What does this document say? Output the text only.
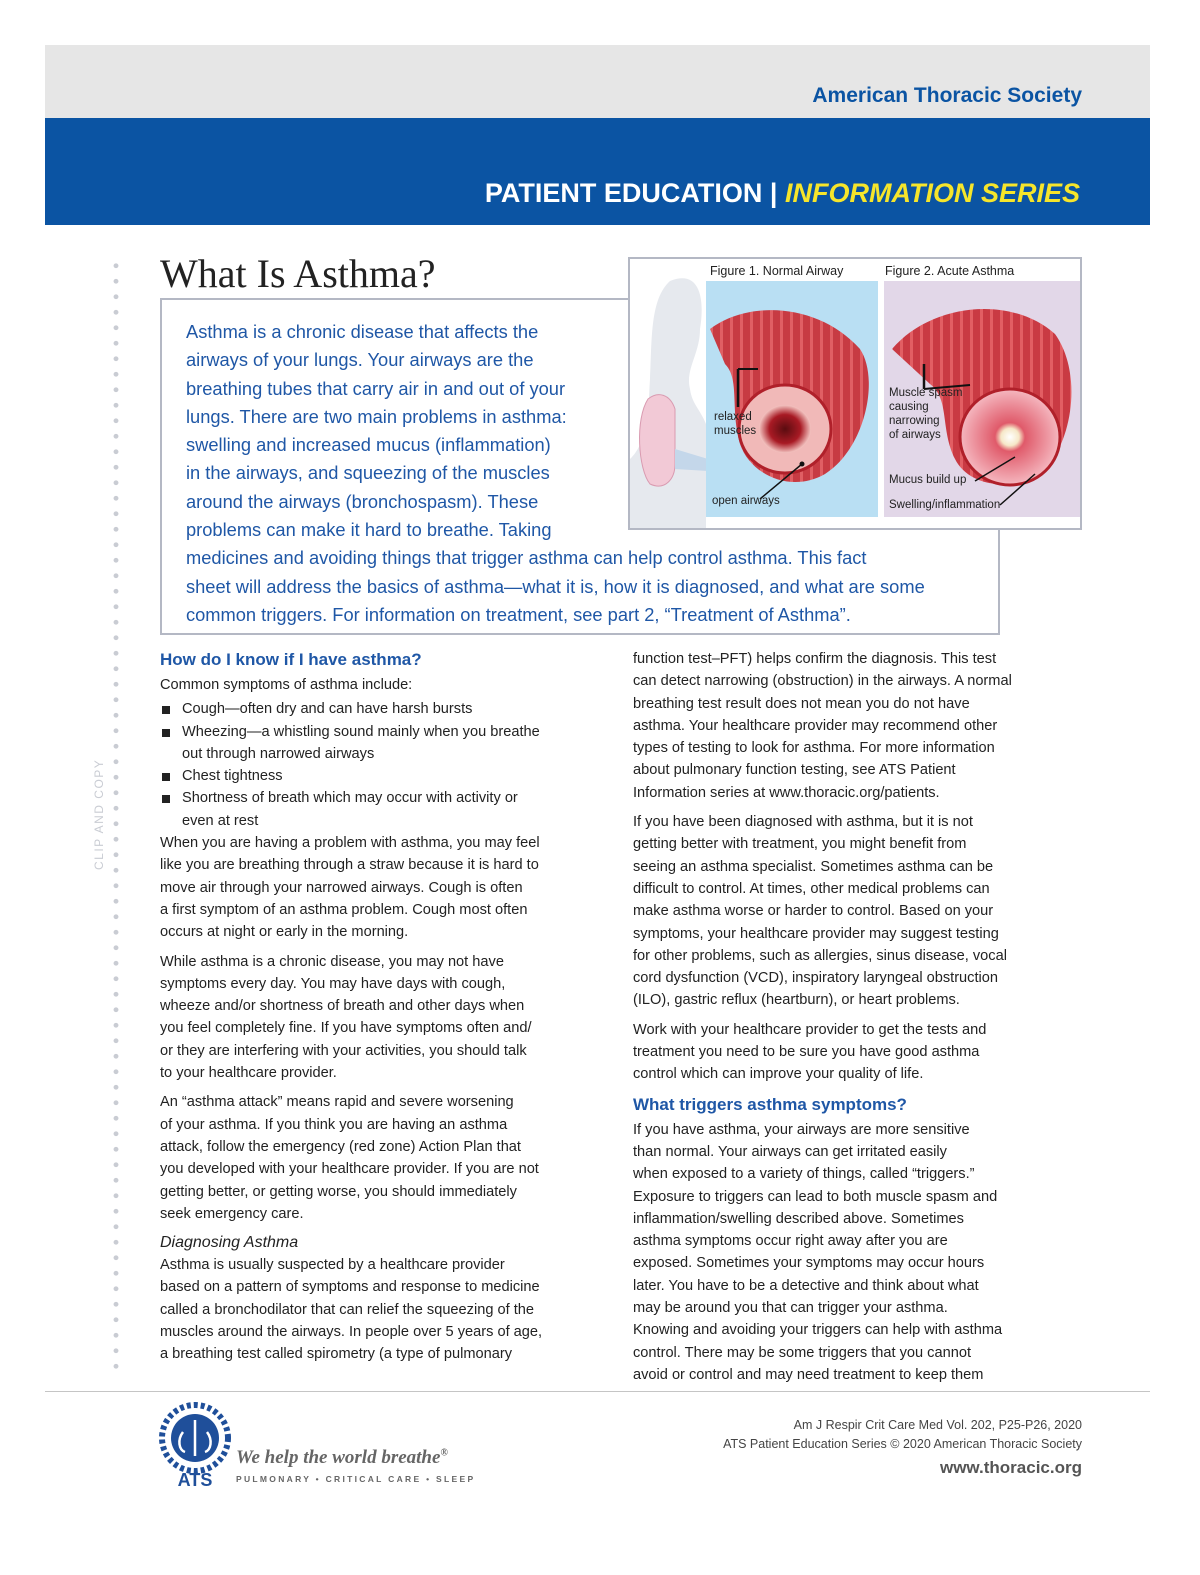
American Thoracic Society
PATIENT EDUCATION | INFORMATION SERIES
CLIP AND COPY
What Is Asthma?
Asthma is a chronic disease that affects the
airways of your lungs. Your airways are the
breathing tubes that carry air in and out of your
lungs. There are two main problems in asthma:
swelling and increased mucus (inflammation)
in the airways, and squeezing of the muscles
around the airways (bronchospasm). These
problems can make it hard to breathe. Taking
medicines and avoiding things that trigger asthma can help control asthma. This fact
sheet will address the basics of asthma—what it is, how it is diagnosed, and what are some
common triggers. For information on treatment, see part 2, “Treatment of Asthma”.
Figure 1. Normal Airway	Figure 2. Acute Asthma
relaxed
muscles
open airways
Muscle spasm
causing
narrowing
of airways
Mucus build up
Swelling/inflammation
How do I know if I have asthma?
Common symptoms of asthma include:
Cough—often dry and can have harsh bursts
Wheezing—a whistling sound mainly when you breathe
out through narrowed airways
Chest tightness
Shortness of breath which may occur with activity or
even at rest

When you are having a problem with asthma, you may feel
like you are breathing through a straw because it is hard to
move air through your narrowed airways. Cough is often
a first symptom of an asthma problem. Cough most often
occurs at night or early in the morning.

While asthma is a chronic disease, you may not have
symptoms every day. You may have days with cough,
wheeze and/or shortness of breath and other days when
you feel completely fine. If you have symptoms often and/
or they are interfering with your activities, you should talk
to your healthcare provider.

An “asthma attack” means rapid and severe worsening
of your asthma. If you think you are having an asthma
attack, follow the emergency (red zone) Action Plan that
you developed with your healthcare provider. If you are not
getting better, or getting worse, you should immediately
seek emergency care.

Diagnosing Asthma

Asthma is usually suspected by a healthcare provider
based on a pattern of symptoms and response to medicine
called a bronchodilator that can relief the squeezing of the
muscles around the airways. In people over 5 years of age,
a breathing test called spirometry (a type of pulmonary

function test–PFT) helps confirm the diagnosis. This test
can detect narrowing (obstruction) in the airways. A normal
breathing test result does not mean you do not have
asthma. Your healthcare provider may recommend other
types of testing to look for asthma. For more information
about pulmonary function testing, see ATS Patient
Information series at www.thoracic.org/patients.

If you have been diagnosed with asthma, but it is not
getting better with treatment, you might benefit from
seeing an asthma specialist. Sometimes asthma can be
difficult to control. At times, other medical problems can
make asthma worse or harder to control. Based on your
symptoms, your healthcare provider may suggest testing
for other problems, such as allergies, sinus disease, vocal
cord dysfunction (VCD), inspiratory laryngeal obstruction
(ILO), gastric reflux (heartburn), or heart problems.

Work with your healthcare provider to get the tests and
treatment you need to be sure you have good asthma
control which can improve your quality of life.

What triggers asthma symptoms?

If you have asthma, your airways are more sensitive
than normal. Your airways can get irritated easily
when exposed to a variety of things, called “triggers.”
Exposure to triggers can lead to both muscle spasm and
inflammation/swelling described above. Sometimes
asthma symptoms occur right away after you are
exposed. Sometimes your symptoms may occur hours
later. You have to be a detective and think about what
may be around you that can trigger your asthma.
Knowing and avoiding your triggers can help with asthma
control. There may be some triggers that you cannot
avoid or control and may need treatment to keep them

ATS
We help the world breathe®
PULMONARY • CRITICAL CARE • SLEEP
Am J Respir Crit Care Med Vol. 202, P25-P26, 2020
ATS Patient Education Series © 2020 American Thoracic Society
www.thoracic.org
